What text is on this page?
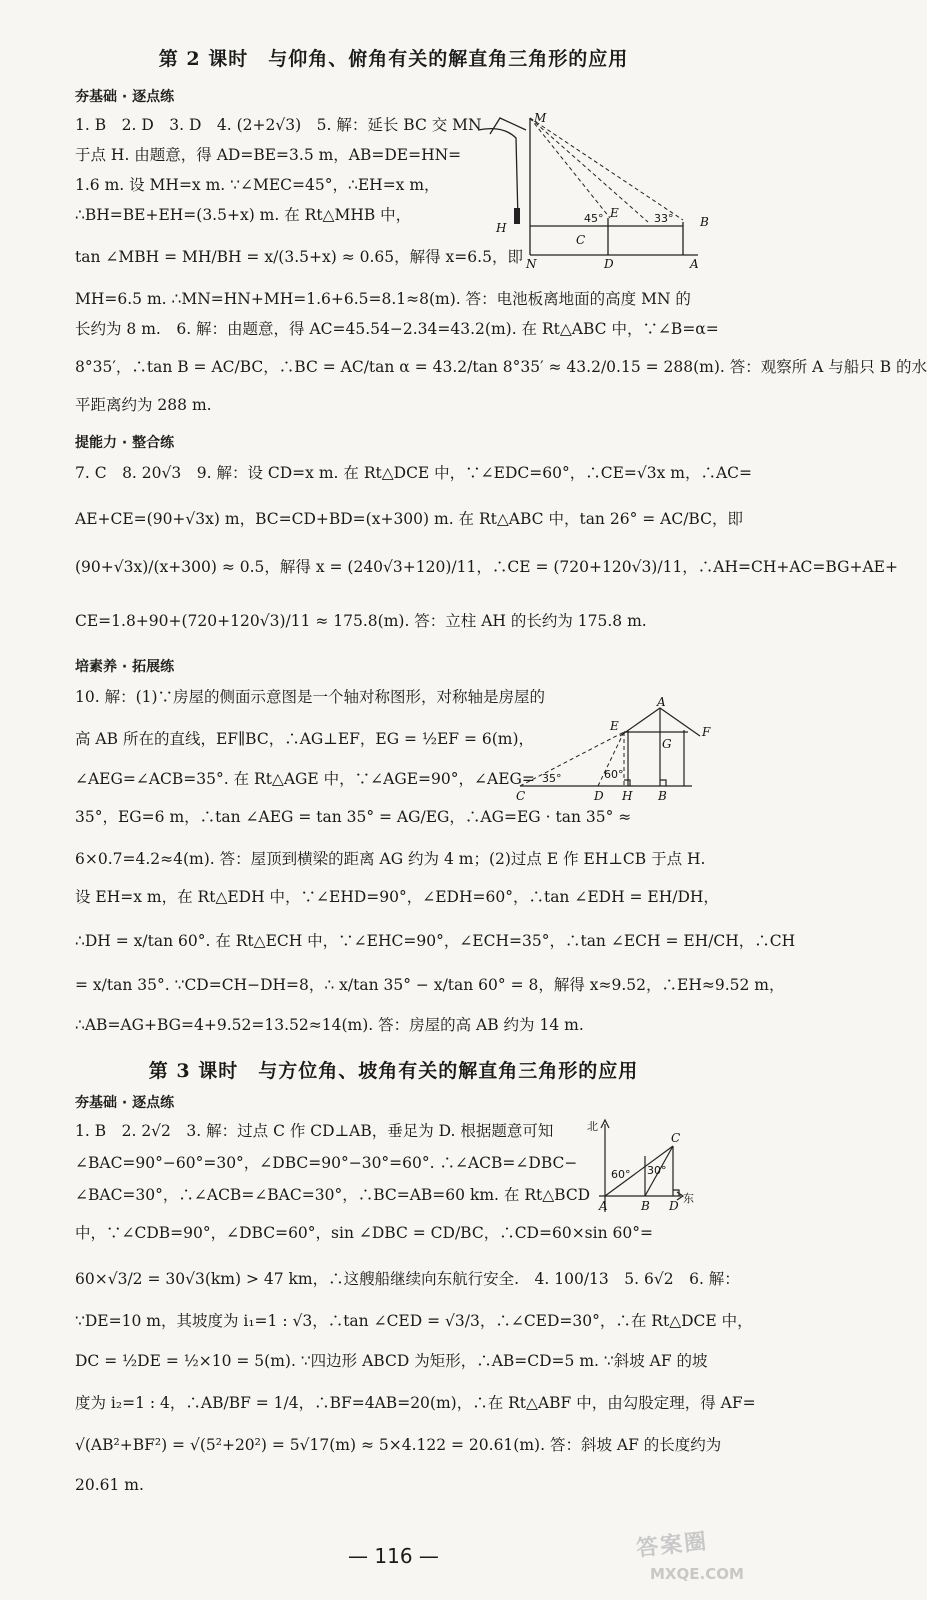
第 2 课时　与仰角、俯角有关的解直角三角形的应用
夯基础 · 逐点练
1. B　2. D　3. D　4. (2+2√3)　5. 解：延长 BC 交 MN
于点 H. 由题意，得 AD=BE=3.5 m，AB=DE=HN=
1.6 m. 设 MH=x m. ∵∠MEC=45°，∴EH=x m，
∴BH=BE+EH=(3.5+x) m. 在 Rt△MHB 中，
tan ∠MBH = MH/BH = x/(3.5+x) ≈ 0.65，解得 x=6.5，即
MH=6.5 m. ∴MN=HN+MH=1.6+6.5=8.1≈8(m). 答：电池板离地面的高度 MN 的
长约为 8 m.　6. 解：由题意，得 AC=45.54−2.34=43.2(m). 在 Rt△ABC 中，∵∠B=α=
8°35′，∴tan B = AC/BC，∴BC = AC/tan α = 43.2/tan 8°35′ ≈ 43.2/0.15 = 288(m). 答：观察所 A 与船只 B 的水
平距离约为 288 m.
M
H
N
E
C
B
D	A
45°	33°
提能力 · 整合练
7. C　8. 20√3　9. 解：设 CD=x m. 在 Rt△DCE 中，∵∠EDC=60°，∴CE=√3x m，∴AC=
AE+CE=(90+√3x) m，BC=CD+BD=(x+300) m. 在 Rt△ABC 中，tan 26° = AC/BC，即
(90+√3x)/(x+300) ≈ 0.5，解得 x = (240√3+120)/11，∴CE = (720+120√3)/11，∴AH=CH+AC=BG+AE+
CE=1.8+90+(720+120√3)/11 ≈ 175.8(m). 答：立柱 AH 的长约为 175.8 m.
培素养 · 拓展练
10. 解：(1)∵房屋的侧面示意图是一个轴对称图形，对称轴是房屋的
高 AB 所在的直线，EF∥BC，∴AG⊥EF，EG = ½EF = 6(m)，
∠AEG=∠ACB=35°. 在 Rt△AGE 中，∵∠AGE=90°，∠AEG=
35°，EG=6 m，∴tan ∠AEG = tan 35° = AG/EG，∴AG=EG · tan 35° ≈
6×0.7=4.2≈4(m). 答：屋顶到横梁的距离 AG 约为 4 m；(2)过点 E 作 EH⊥CB 于点 H.
设 EH=x m，在 Rt△EDH 中，∵∠EHD=90°，∠EDH=60°，∴tan ∠EDH = EH/DH，
∴DH = x/tan 60°. 在 Rt△ECH 中，∵∠EHC=90°，∠ECH=35°，∴tan ∠ECH = EH/CH，∴CH
= x/tan 35°. ∵CD=CH−DH=8，∴ x/tan 35° − x/tan 60° = 8，解得 x≈9.52，∴EH≈9.52 m，
∴AB=AG+BG=4+9.52=13.52≈14(m). 答：房屋的高 AB 约为 14 m.
A
E	F
G
C	D H B
35°	60°
第 3 课时　与方位角、坡角有关的解直角三角形的应用
夯基础 · 逐点练
1. B　2. 2√2　3. 解：过点 C 作 CD⊥AB，垂足为 D. 根据题意可知
∠BAC=90°−60°=30°，∠DBC=90°−30°=60°. ∴∠ACB=∠DBC−
∠BAC=30°，∴∠ACB=∠BAC=30°，∴BC=AB=60 km. 在 Rt△BCD
中，∵∠CDB=90°，∠DBC=60°，sin ∠DBC = CD/BC，∴CD=60×sin 60°=
60×√3/2 = 30√3(km) > 47 km，∴这艘船继续向东航行安全.　4. 100/13　5. 6√2　6. 解：
∵DE=10 m，其坡度为 i₁=1 : √3，∴tan ∠CED = √3/3，∴∠CED=30°，∴在 Rt△DCE 中，
DC = ½DE = ½×10 = 5(m). ∵四边形 ABCD 为矩形，∴AB=CD=5 m. ∵斜坡 AF 的坡
度为 i₂=1 : 4，∴AB/BF = 1/4，∴BF=4AB=20(m)，∴在 Rt△ABF 中，由勾股定理，得 AF=
√(AB²+BF²) = √(5²+20²) = 5√17(m) ≈ 5×4.122 = 20.61(m). 答：斜坡 AF 的长度约为
20.61 m.
北
东
60° 30°
C
A	B D
— 116 —	答案圈
MXQE.COM
